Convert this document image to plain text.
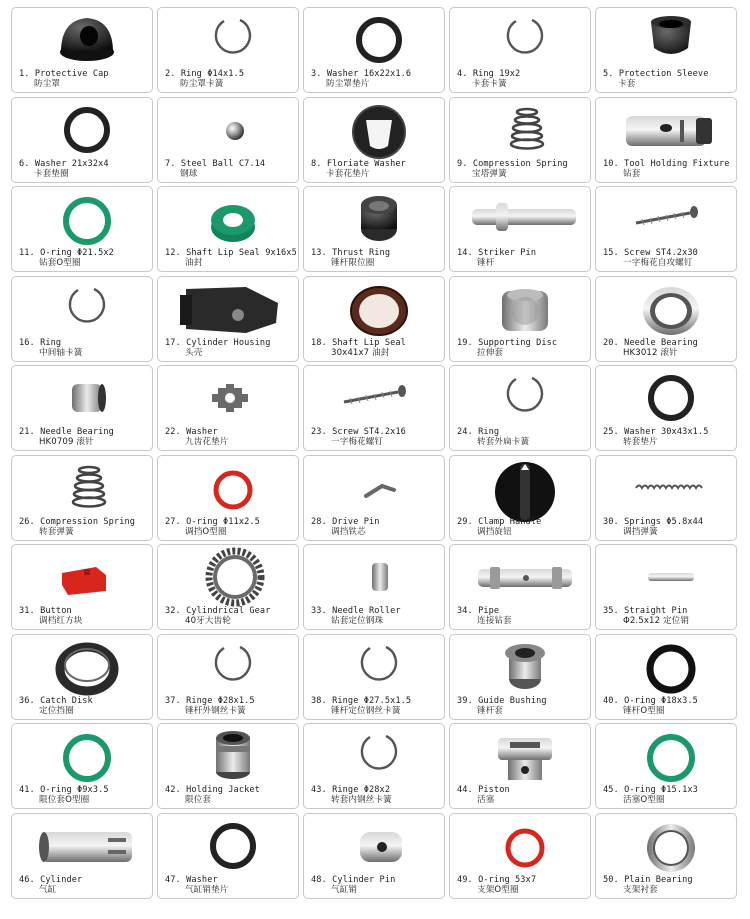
1. Protective Cap
防尘罩
2. Ring Φ14x1.5
防尘罩卡簧
3. Washer 16x22x1.6
防尘罩垫片
4. Ring 19x2
卡套卡簧
5. Protection Sleeve
卡套
6. Washer 21x32x4
卡套垫圈
7. Steel Ball C7.14
钢球
8. Floriate Washer
卡套花垫片
9. Compression Spring
宝塔弹簧
10. Tool Holding Fixture
钻套
11. O-ring Φ21.5x2
钻套O型圈
12. Shaft Lip Seal 9x16x5
油封
13. Thrust Ring
锤杆限位圈
14. Striker Pin
锤杆
15. Screw ST4.2x30
一字梅花自攻螺钉
16. Ring
中间轴卡簧
17. Cylinder Housing
头壳
18. Shaft Lip Seal
30x41x7 油封
19. Supporting Disc
拉伸套
20. Needle Bearing
HK3012 滚针
21. Needle Bearing
HK0709 滚针
22. Washer
九齿花垫片
23. Screw ST4.2x16
一字梅花螺钉
24. Ring
转套外扁卡簧
25. Washer 30x43x1.5
转套垫片
26. Compression Spring
转套弹簧
27. O-ring Φ11x2.5
调挡O型圈
28. Drive Pin
调挡铁芯
29. Clamp Handle
调挡旋钮
30. Springs Φ5.8x44
调挡弹簧
31. Button
调档红方块
32. Cylindrical Gear
40牙大齿轮
33. Needle Roller
钻套定位钢珠
34. Pipe
连接钻套
35. Straight Pin
Φ2.5x12 定位销
36. Catch Disk
定位挡圈
37. Ringe Φ28x1.5
锤杆外钢丝卡簧
38. Ringe Φ27.5x1.5
锤杆定位钢丝卡簧
39. Guide Bushing
锤杆套
40. O-ring Φ18x3.5
锤杆O型圈
41. O-ring Φ9x3.5
限位套O型圈
42. Holding Jacket
限位套
43. Ringe Φ28x2
转套内钢丝卡簧
44. Piston
活塞
45. O-ring Φ15.1x3
活塞O型圈
46. Cylinder
气缸
47. Washer
气缸销垫片
48. Cylinder Pin
气缸销
49. O-ring 53x7
支架O型圈
50. Plain Bearing
支架衬套
